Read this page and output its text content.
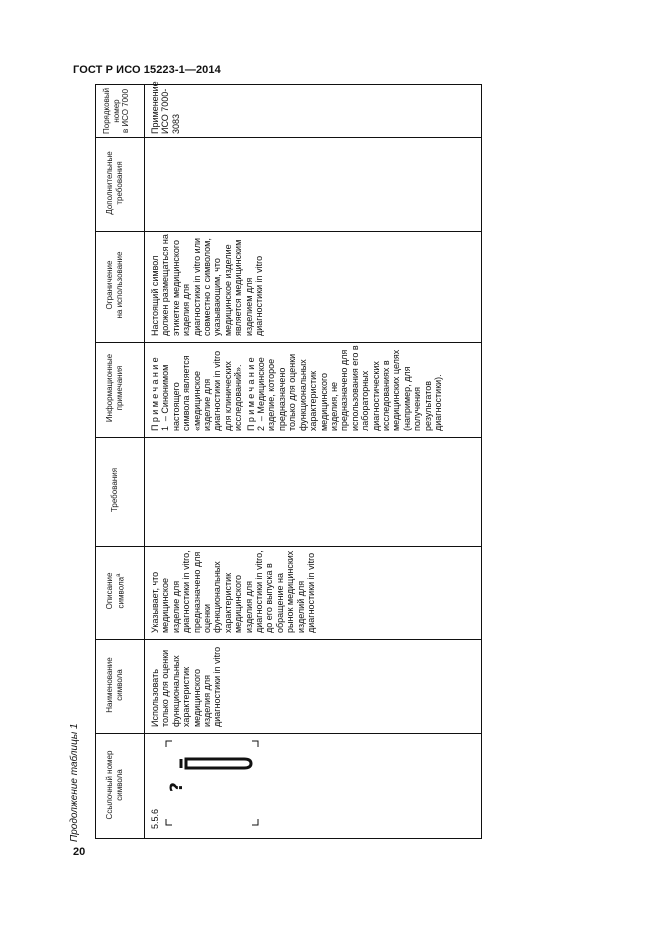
ГОСТ Р ИСО 15223-1—2014
20
Продолжение таблицы 1	Ссылочный номер символа
Наименование символа
Описание символа$^a$
Требования
Информационные
примечания
Ограничение
на использование
Дополнительные
требования
Порядковый
номер
в ИСО 7000
5.5.6
?
Использовать только для оценки функциональных характеристик медицинского изделия для диагностики in vitro
Указывает, что медицинское изделие для диагностики in vitro, предназначено для оценки функциональных характеристик медицинского изделия для диагностики in vitro, до его выпуска в обращение на рынок медицинских изделий для диагностики in vitro

Примечание 1 – Синонимом настоящего символа является «медицинское изделие для диагностики in vitro для клинических исследований». Примечание 2 – Медицинское изделие, которое предназначено только для оценки функциональных характеристик медицинского изделия, не предназначено для использования его в лабораторных диагностических исследованиях в медицинских целях (например, для получения результатов диагностики).

Настоящий символ должен размещаться на этикетке медицинского изделия для диагностики in vitro или совместно с символом, указывающим, что медицинское изделие является медицинским изделием для диагностики in vitro
Применение
ИСО 7000-
3083
